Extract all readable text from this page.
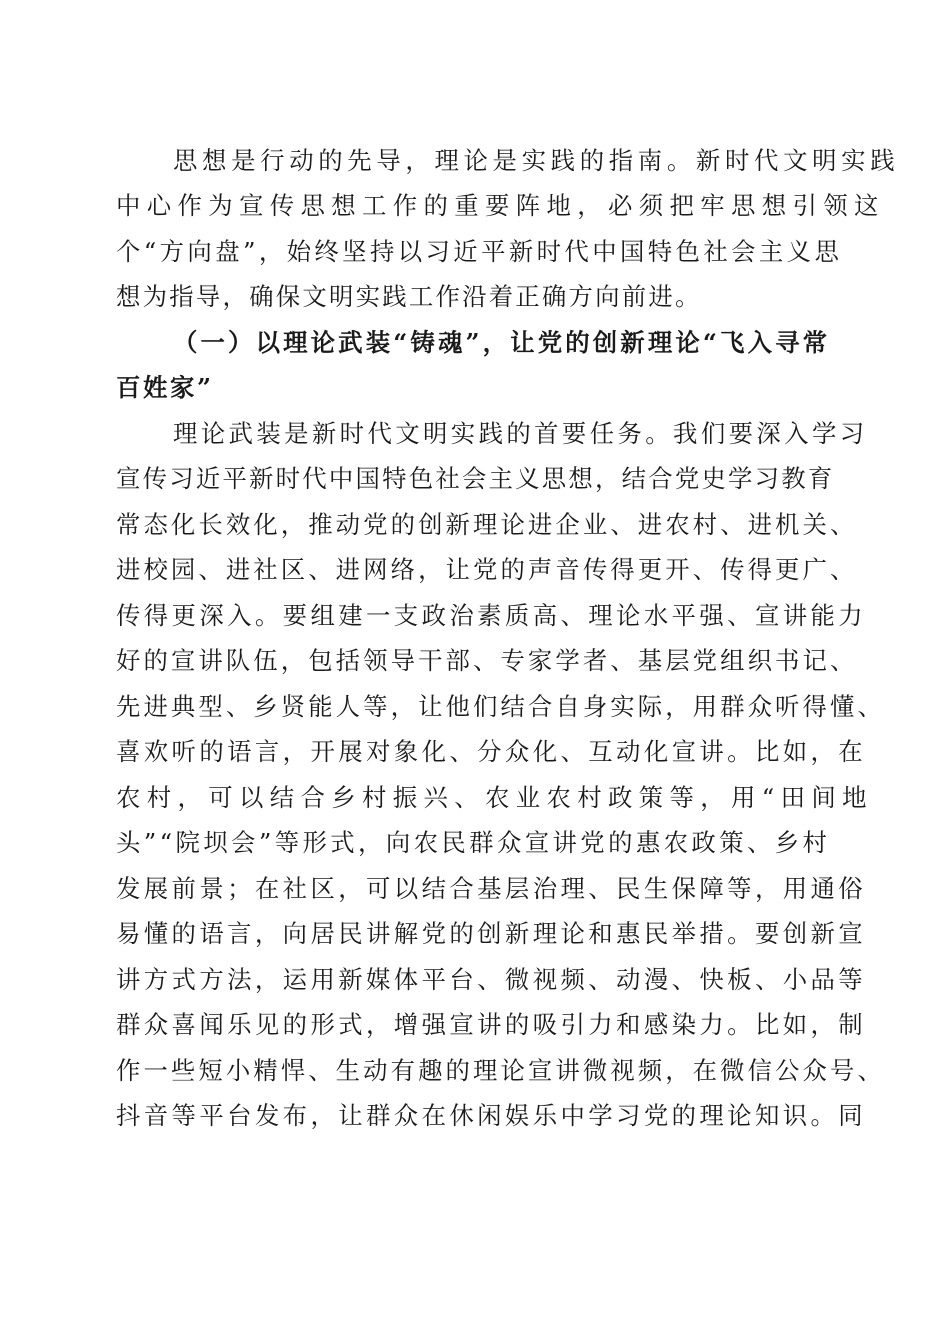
思想是行动的先导，理论是实践的指南。新时代文明实践
中心作为宣传思想工作的重要阵地，必须把牢思想引领这
个“方向盘”，始终坚持以习近平新时代中国特色社会主义思
想为指导，确保文明实践工作沿着正确方向前进。
（一）以理论武装“铸魂”，让党的创新理论“飞入寻常
百姓家”
理论武装是新时代文明实践的首要任务。我们要深入学习
宣传习近平新时代中国特色社会主义思想，结合党史学习教育
常态化长效化，推动党的创新理论进企业、进农村、进机关、
进校园、进社区、进网络，让党的声音传得更开、传得更广、
传得更深入。要组建一支政治素质高、理论水平强、宣讲能力
好的宣讲队伍，包括领导干部、专家学者、基层党组织书记、
先进典型、乡贤能人等，让他们结合自身实际，用群众听得懂、
喜欢听的语言，开展对象化、分众化、互动化宣讲。比如，在
农村，可以结合乡村振兴、农业农村政策等，用“田间地
头”“院坝会”等形式，向农民群众宣讲党的惠农政策、乡村
发展前景；在社区，可以结合基层治理、民生保障等，用通俗
易懂的语言，向居民讲解党的创新理论和惠民举措。要创新宣
讲方式方法，运用新媒体平台、微视频、动漫、快板、小品等
群众喜闻乐见的形式，增强宣讲的吸引力和感染力。比如，制
作一些短小精悍、生动有趣的理论宣讲微视频，在微信公众号、
抖音等平台发布，让群众在休闲娱乐中学习党的理论知识。同
